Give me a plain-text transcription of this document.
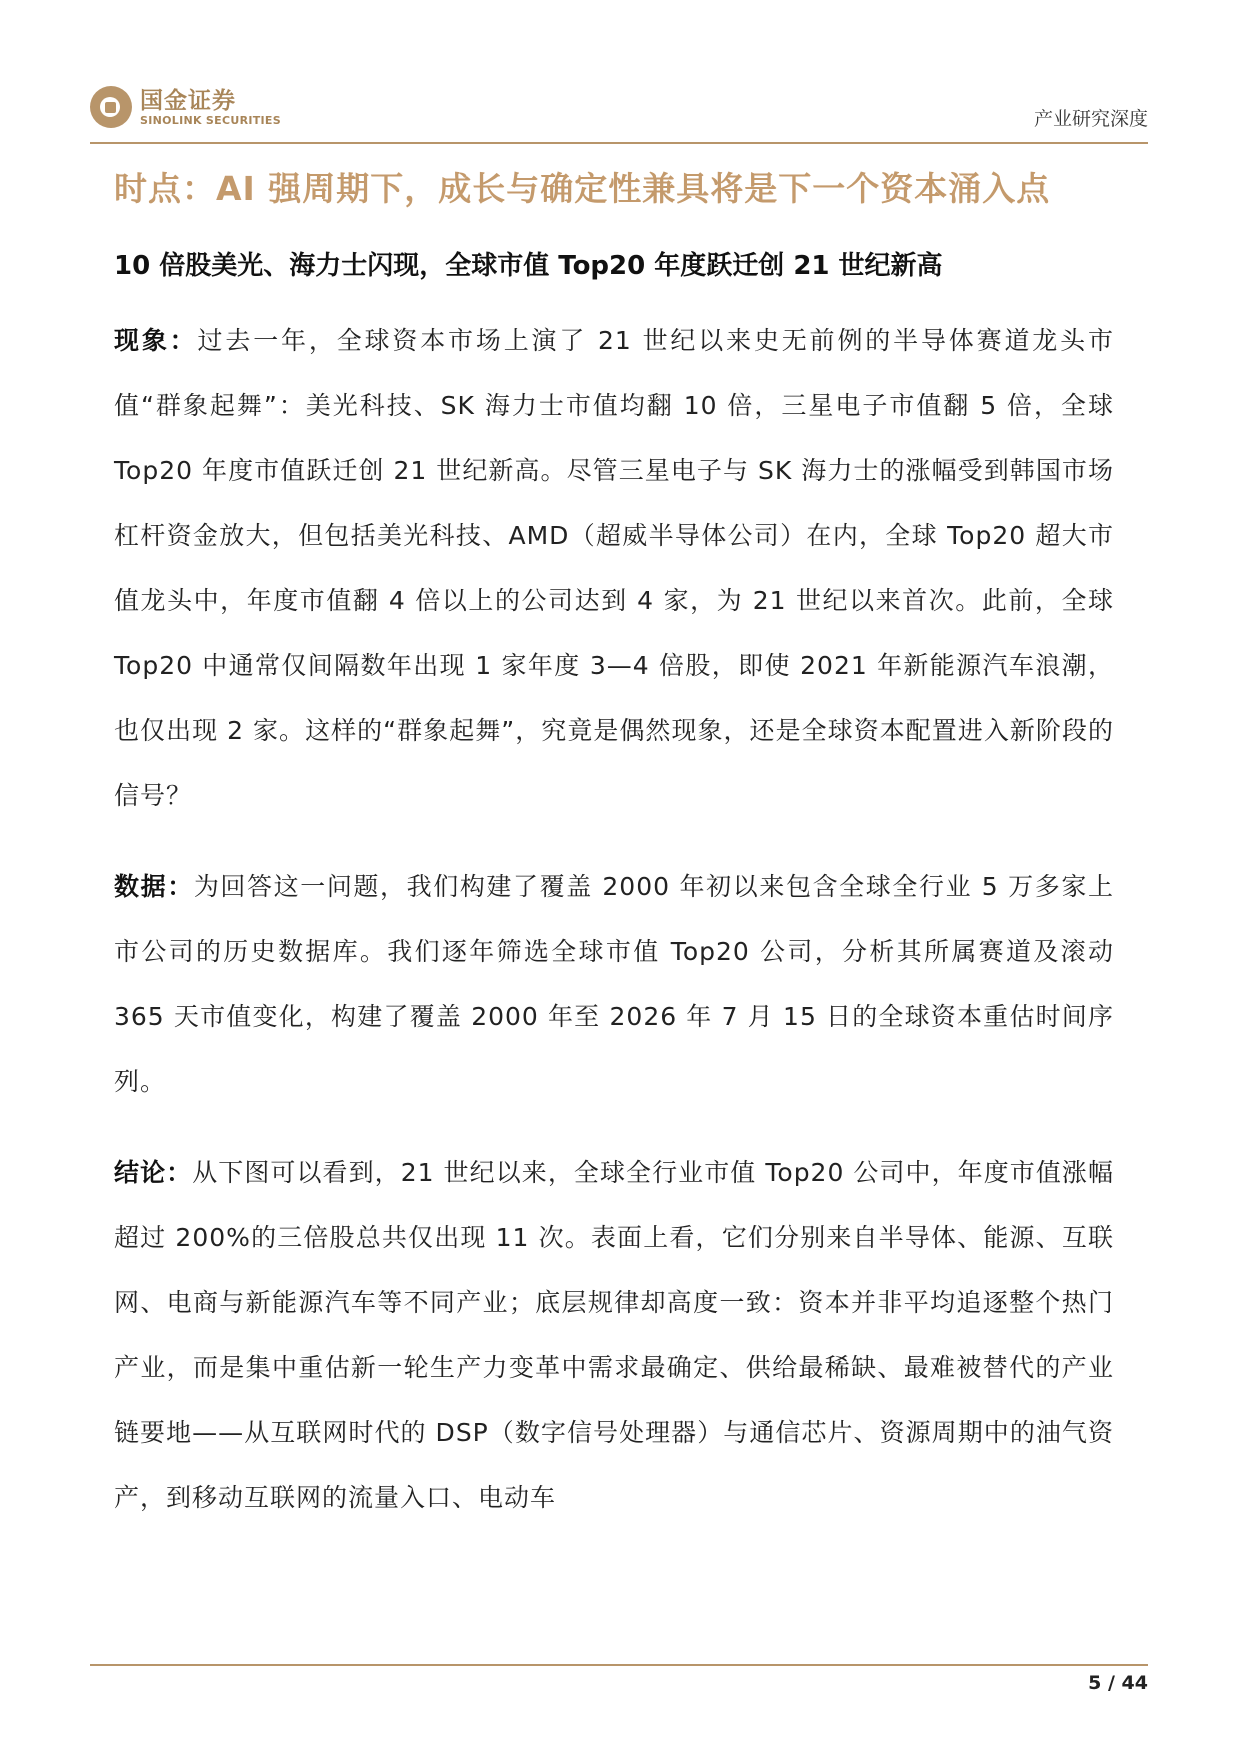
国金证券
SINOLINK SECURITIES	产业研究深度
时点：AI 强周期下，成长与确定性兼具将是下一个资本涌入点
10 倍股美光、海力士闪现，全球市值 Top20 年度跃迁创 21 世纪新高

现象：过去一年，全球资本市场上演了 21 世纪以来史无前例的半导体赛道龙头市值“群象起舞”：美光科技、SK 海力士市值均翻 10 倍，三星电子市值翻 5 倍，全球 Top20 年度市值跃迁创 21 世纪新高。尽管三星电子与 SK 海力士的涨幅受到韩国市场杠杆资金放大，但包括美光科技、AMD（超威半导体公司）在内，全球 Top20 超大市值龙头中，年度市值翻 4 倍以上的公司达到 4 家，为 21 世纪以来首次。此前，全球 Top20 中通常仅间隔数年出现 1 家年度 3—4 倍股，即使 2021 年新能源汽车浪潮，也仅出现 2 家。这样的“群象起舞”，究竟是偶然现象，还是全球资本配置进入新阶段的信号？

数据：为回答这一问题，我们构建了覆盖 2000 年初以来包含全球全行业 5 万多家上市公司的历史数据库。我们逐年筛选全球市值 Top20 公司，分析其所属赛道及滚动 365 天市值变化，构建了覆盖 2000 年至 2026 年 7 月 15 日的全球资本重估时间序列。

结论：从下图可以看到，21 世纪以来，全球全行业市值 Top20 公司中，年度市值涨幅超过 200%的三倍股总共仅出现 11 次。表面上看，它们分别来自半导体、能源、互联网、电商与新能源汽车等不同产业；底层规律却高度一致：资本并非平均追逐整个热门产业，而是集中重估新一轮生产力变革中需求最确定、供给最稀缺、最难被替代的产业链要地——从互联网时代的 DSP（数字信号处理器）与通信芯片、资源周期中的油气资产，到移动互联网的流量入口、电动车

5 / 44
